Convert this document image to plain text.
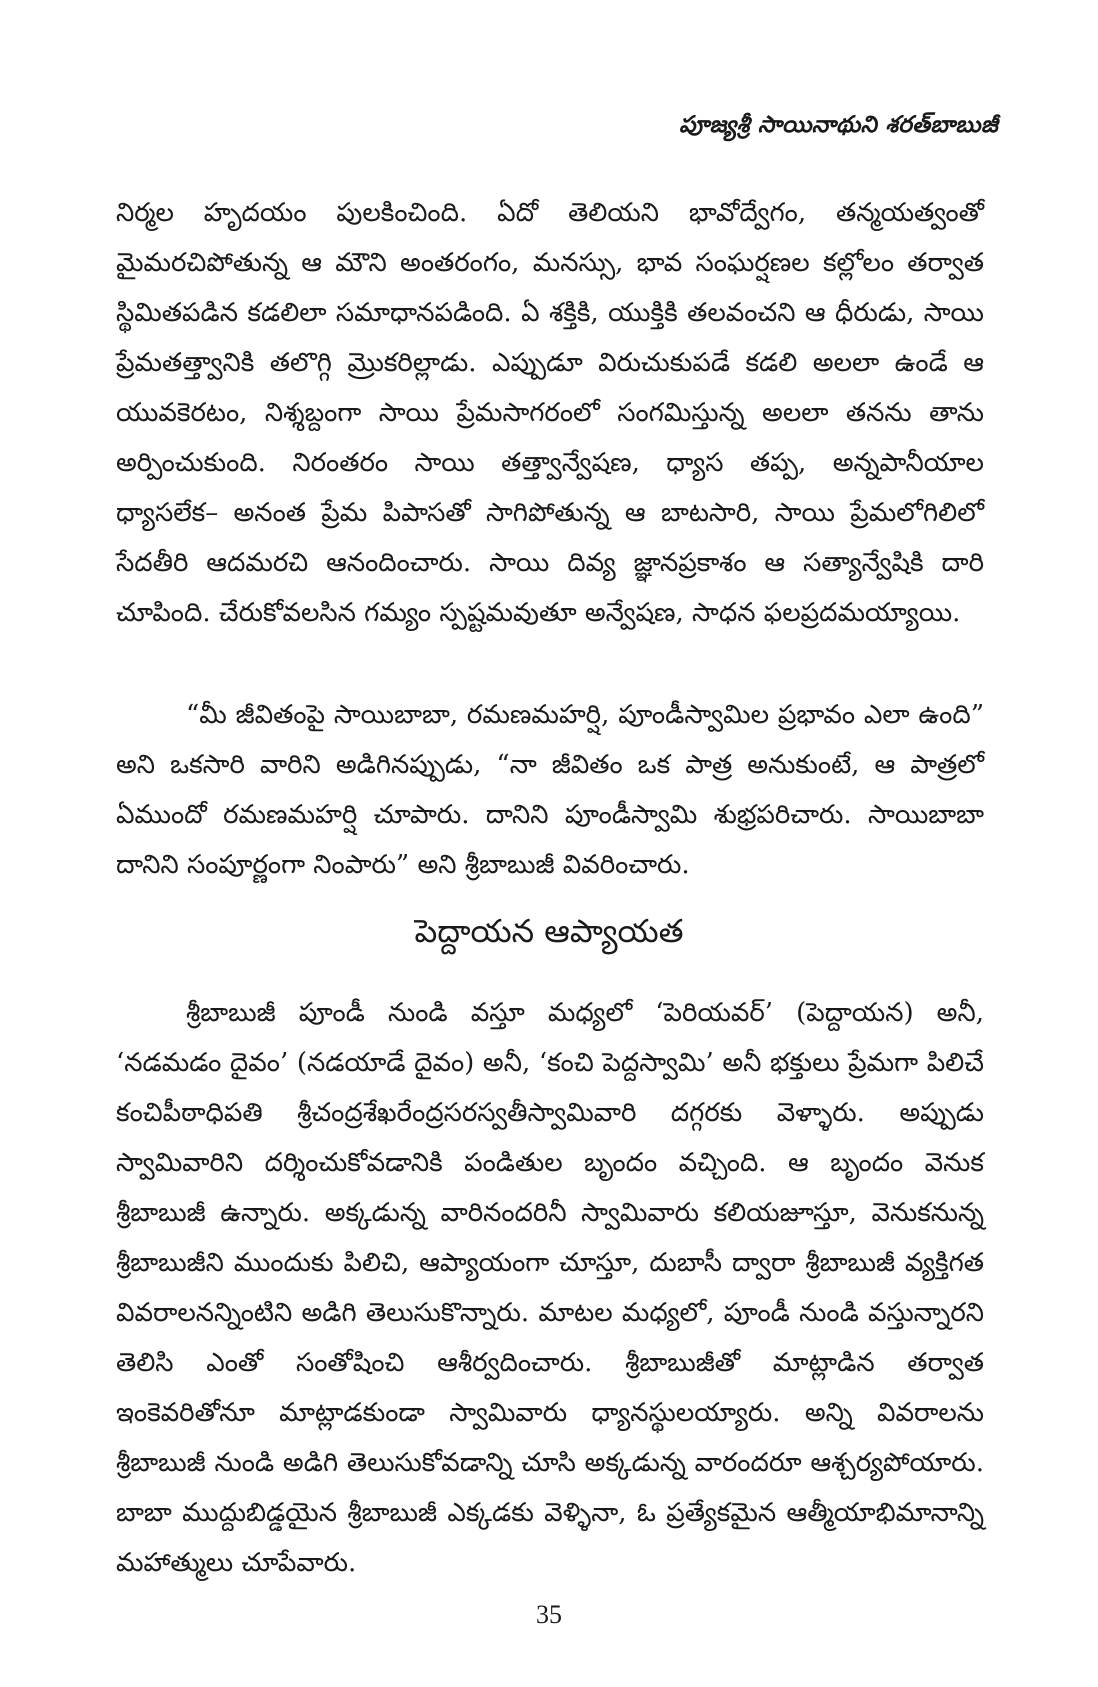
పూజ్యశ్రీ సాయినాథుని శరత్‌బాబుజీ

నిర్మల హృదయం పులకించింది. ఏదో తెలియని భావోద్వేగం, తన్మయత్వంతో మైమరచిపోతున్న ఆ మౌని అంతరంగం, మనస్సు, భావ సంఘర్షణల కల్లోలం తర్వాత స్థిమితపడిన కడలిలా సమాధానపడింది. ఏ శక్తికి, యుక్తికి తలవంచని ఆ ధీరుడు, సాయి ప్రేమతత్త్వానికి తలొగ్గి మ్రొకరిల్లాడు. ఎప్పుడూ విరుచుకుపడే కడలి అలలా ఉండే ఆ యువకెరటం, నిశ్శబ్దంగా సాయి ప్రేమసాగరంలో సంగమిస్తున్న అలలా తనను తాను అర్పించుకుంది. నిరంతరం సాయి తత్త్వాన్వేషణ, ధ్యాస తప్ప, అన్నపానీయాల ధ్యాసలేక– అనంత ప్రేమ పిపాసతో సాగిపోతున్న ఆ బాటసారి, సాయి ప్రేమలోగిలిలో సేదతీరి ఆదమరచి ఆనందించారు. సాయి దివ్య జ్ఞానప్రకాశం ఆ సత్యాన్వేషికి దారి చూపింది. చేరుకోవలసిన గమ్యం స్పష్టమవుతూ అన్వేషణ, సాధన ఫలప్రదమయ్యాయి.

“మీ జీవితంపై సాయిబాబా, రమణమహర్షి, పూండీస్వామిల ప్రభావం ఎలా ఉంది” అని ఒకసారి వారిని అడిగినప్పుడు, “నా జీవితం ఒక పాత్ర అనుకుంటే, ఆ పాత్రలో ఏముందో రమణమహర్షి చూపారు. దానిని పూండీస్వామి శుభ్రపరిచారు. సాయిబాబా దానిని సంపూర్ణంగా నింపారు” అని శ్రీబాబుజీ వివరించారు.

పెద్దాయన ఆప్యాయత

శ్రీబాబుజీ పూండీ నుండి వస్తూ మధ్యలో ‘పెరియవర్’ (పెద్దాయన) అనీ, ‘నడమడం దైవం’ (నడయాడే దైవం) అనీ, ‘కంచి పెద్దస్వామి’ అనీ భక్తులు ప్రేమగా పిలిచే కంచిపీఠాధిపతి శ్రీచంద్రశేఖరేంద్రసరస్వతీస్వామివారి దగ్గరకు వెళ్ళారు. అప్పుడు స్వామివారిని దర్శించుకోవడానికి పండితుల బృందం వచ్చింది. ఆ బృందం వెనుక శ్రీబాబుజీ ఉన్నారు. అక్కడున్న వారినందరినీ స్వామివారు కలియజూస్తూ, వెనుకనున్న శ్రీబాబుజీని ముందుకు పిలిచి, ఆప్యాయంగా చూస్తూ, దుబాసీ ద్వారా శ్రీబాబుజీ వ్యక్తిగత వివరాలనన్నింటిని అడిగి తెలుసుకొన్నారు. మాటల మధ్యలో, పూండీ నుండి వస్తున్నారని తెలిసి ఎంతో సంతోషించి ఆశీర్వదించారు. శ్రీబాబుజీతో మాట్లాడిన తర్వాత ఇంకెవరితోనూ మాట్లాడకుండా స్వామివారు ధ్యానస్థులయ్యారు. అన్ని వివరాలను శ్రీబాబుజీ నుండి అడిగి తెలుసుకోవడాన్ని చూసి అక్కడున్న వారందరూ ఆశ్చర్యపోయారు. బాబా ముద్దుబిడ్డయైన శ్రీబాబుజీ ఎక్కడకు వెళ్ళినా, ఓ ప్రత్యేకమైన ఆత్మీయాభిమానాన్ని మహాత్ములు చూపేవారు.

35
